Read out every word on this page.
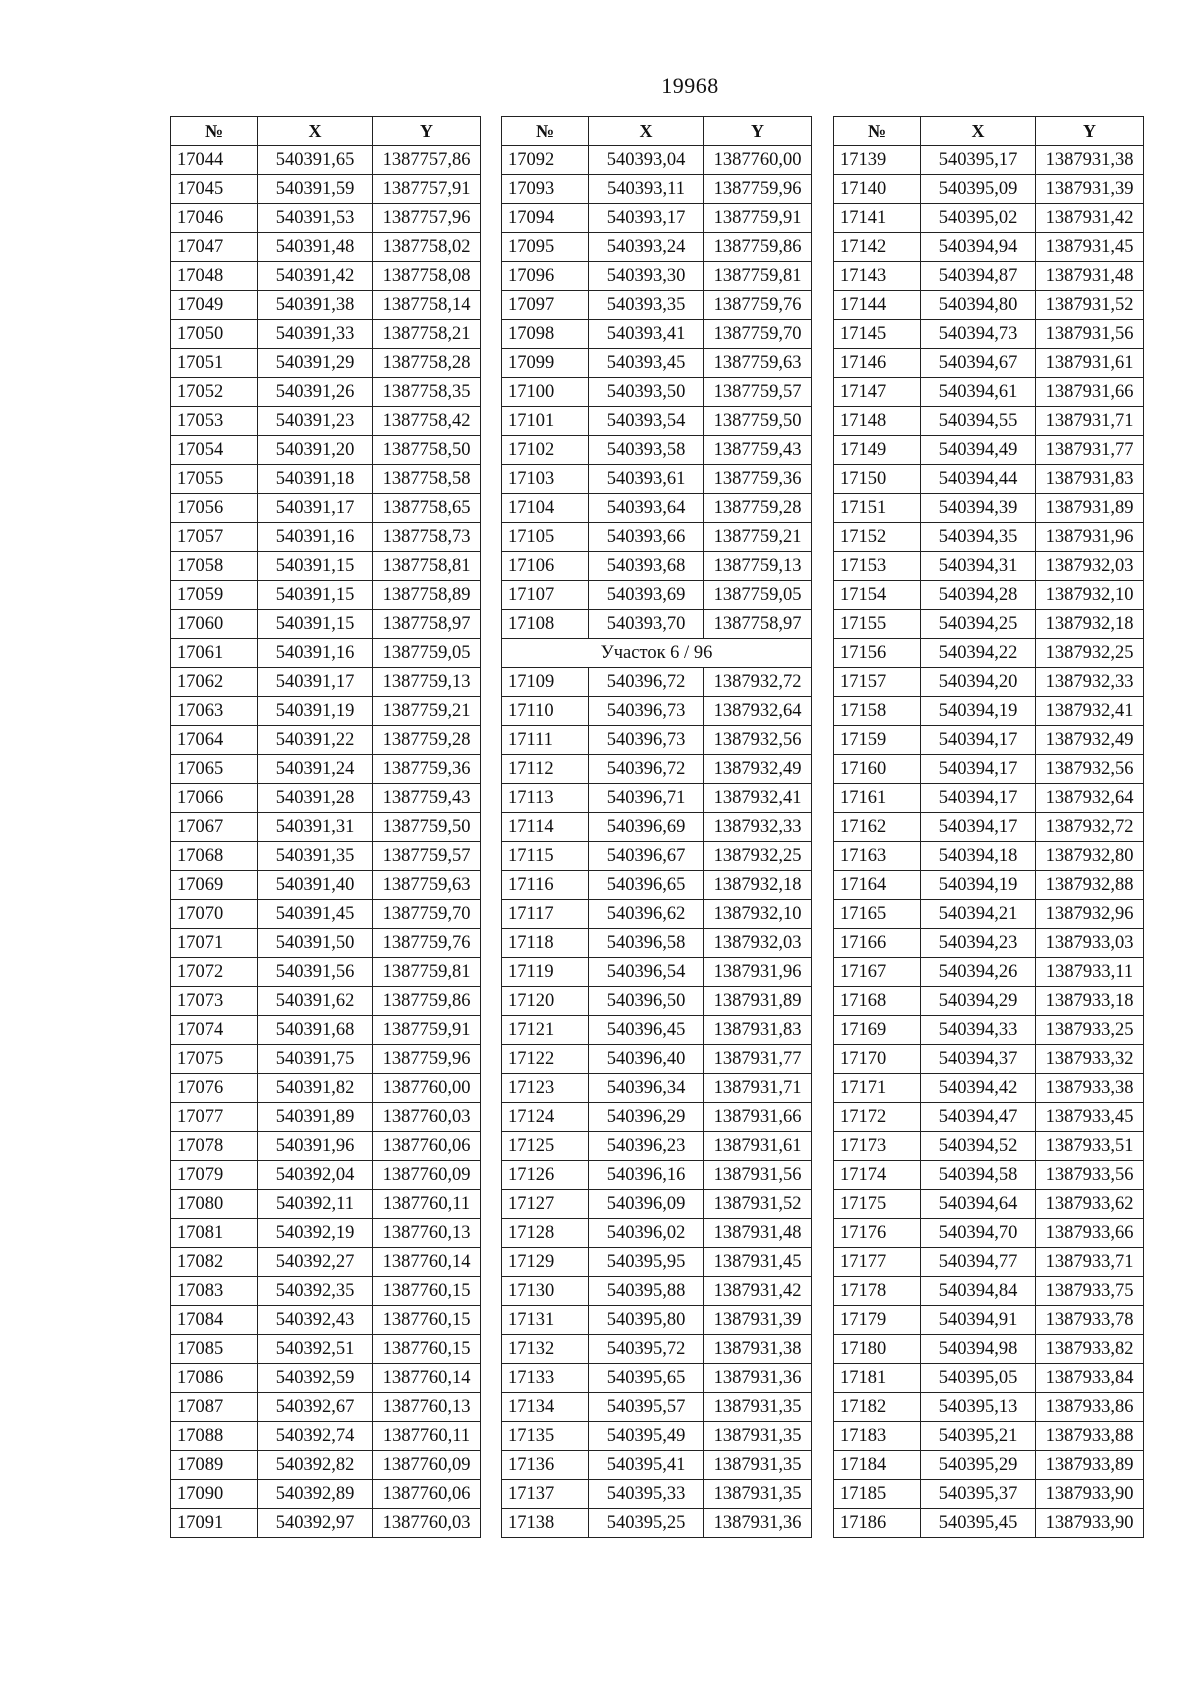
19968
№	X	Y
17044	540391,65	1387757,86
17045	540391,59	1387757,91
17046	540391,53	1387757,96
17047	540391,48	1387758,02
17048	540391,42	1387758,08
17049	540391,38	1387758,14
17050	540391,33	1387758,21
17051	540391,29	1387758,28
17052	540391,26	1387758,35
17053	540391,23	1387758,42
17054	540391,20	1387758,50
17055	540391,18	1387758,58
17056	540391,17	1387758,65
17057	540391,16	1387758,73
17058	540391,15	1387758,81
17059	540391,15	1387758,89
17060	540391,15	1387758,97
17061	540391,16	1387759,05
17062	540391,17	1387759,13
17063	540391,19	1387759,21
17064	540391,22	1387759,28
17065	540391,24	1387759,36
17066	540391,28	1387759,43
17067	540391,31	1387759,50
17068	540391,35	1387759,57
17069	540391,40	1387759,63
17070	540391,45	1387759,70
17071	540391,50	1387759,76
17072	540391,56	1387759,81
17073	540391,62	1387759,86
17074	540391,68	1387759,91
17075	540391,75	1387759,96
17076	540391,82	1387760,00
17077	540391,89	1387760,03
17078	540391,96	1387760,06
17079	540392,04	1387760,09
17080	540392,11	1387760,11
17081	540392,19	1387760,13
17082	540392,27	1387760,14
17083	540392,35	1387760,15
17084	540392,43	1387760,15
17085	540392,51	1387760,15
17086	540392,59	1387760,14
17087	540392,67	1387760,13
17088	540392,74	1387760,11
17089	540392,82	1387760,09
17090	540392,89	1387760,06
17091	540392,97	1387760,03
№	X	Y
17092	540393,04	1387760,00
17093	540393,11	1387759,96
17094	540393,17	1387759,91
17095	540393,24	1387759,86
17096	540393,30	1387759,81
17097	540393,35	1387759,76
17098	540393,41	1387759,70
17099	540393,45	1387759,63
17100	540393,50	1387759,57
17101	540393,54	1387759,50
17102	540393,58	1387759,43
17103	540393,61	1387759,36
17104	540393,64	1387759,28
17105	540393,66	1387759,21
17106	540393,68	1387759,13
17107	540393,69	1387759,05
17108	540393,70	1387758,97
Участок 6 / 96		
17109	540396,72	1387932,72
17110	540396,73	1387932,64
17111	540396,73	1387932,56
17112	540396,72	1387932,49
17113	540396,71	1387932,41
17114	540396,69	1387932,33
17115	540396,67	1387932,25
17116	540396,65	1387932,18
17117	540396,62	1387932,10
17118	540396,58	1387932,03
17119	540396,54	1387931,96
17120	540396,50	1387931,89
17121	540396,45	1387931,83
17122	540396,40	1387931,77
17123	540396,34	1387931,71
17124	540396,29	1387931,66
17125	540396,23	1387931,61
17126	540396,16	1387931,56
17127	540396,09	1387931,52
17128	540396,02	1387931,48
17129	540395,95	1387931,45
17130	540395,88	1387931,42
17131	540395,80	1387931,39
17132	540395,72	1387931,38
17133	540395,65	1387931,36
17134	540395,57	1387931,35
17135	540395,49	1387931,35
17136	540395,41	1387931,35
17137	540395,33	1387931,35
17138	540395,25	1387931,36
№	X	Y
17139	540395,17	1387931,38
17140	540395,09	1387931,39
17141	540395,02	1387931,42
17142	540394,94	1387931,45
17143	540394,87	1387931,48
17144	540394,80	1387931,52
17145	540394,73	1387931,56
17146	540394,67	1387931,61
17147	540394,61	1387931,66
17148	540394,55	1387931,71
17149	540394,49	1387931,77
17150	540394,44	1387931,83
17151	540394,39	1387931,89
17152	540394,35	1387931,96
17153	540394,31	1387932,03
17154	540394,28	1387932,10
17155	540394,25	1387932,18
17156	540394,22	1387932,25
17157	540394,20	1387932,33
17158	540394,19	1387932,41
17159	540394,17	1387932,49
17160	540394,17	1387932,56
17161	540394,17	1387932,64
17162	540394,17	1387932,72
17163	540394,18	1387932,80
17164	540394,19	1387932,88
17165	540394,21	1387932,96
17166	540394,23	1387933,03
17167	540394,26	1387933,11
17168	540394,29	1387933,18
17169	540394,33	1387933,25
17170	540394,37	1387933,32
17171	540394,42	1387933,38
17172	540394,47	1387933,45
17173	540394,52	1387933,51
17174	540394,58	1387933,56
17175	540394,64	1387933,62
17176	540394,70	1387933,66
17177	540394,77	1387933,71
17178	540394,84	1387933,75
17179	540394,91	1387933,78
17180	540394,98	1387933,82
17181	540395,05	1387933,84
17182	540395,13	1387933,86
17183	540395,21	1387933,88
17184	540395,29	1387933,89
17185	540395,37	1387933,90
17186	540395,45	1387933,90
